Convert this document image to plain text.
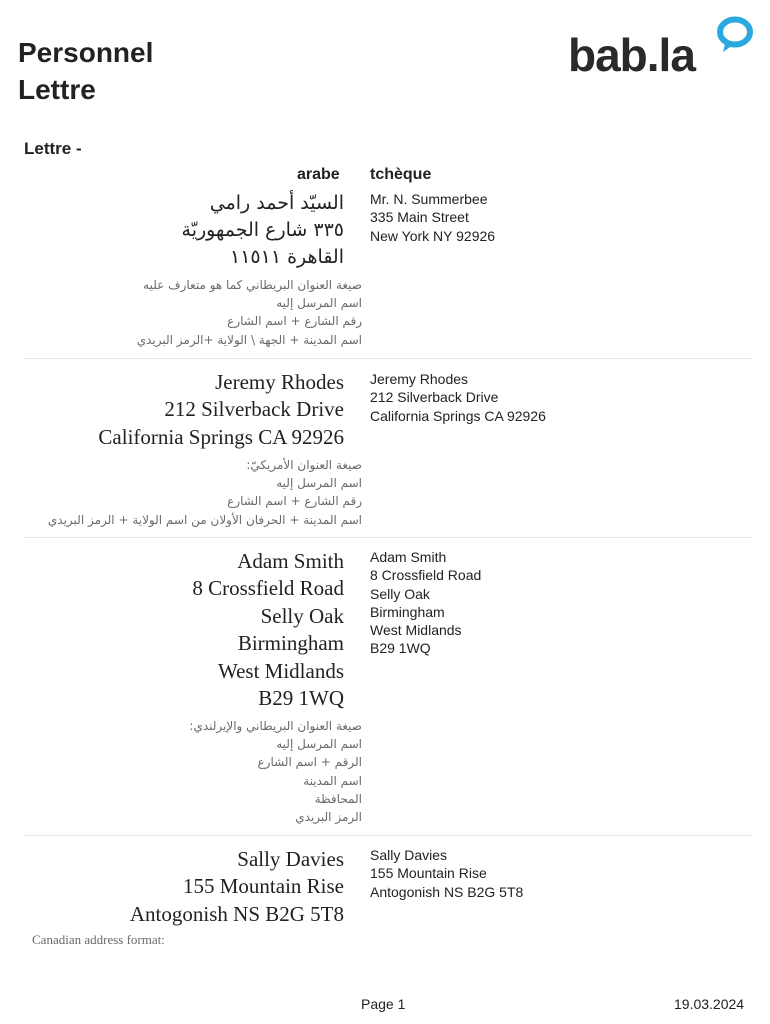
Personnel
Lettre
bab.la
Lettre -
arabe tchèque
السيّد أحمد رامي
٣٣٥ شارع الجمهوريّة
القاهرة ١١٥١١
صيغة العنوان البريطاني كما هو متعارف عليه
اسم المرسل إليه
رقم الشارع + اسم الشارع
اسم المدينة + الجهة \ الولاية +الرمز البريدي
Mr. N. Summerbee
335 Main Street
New York NY 92926
Jeremy Rhodes
212 Silverback Drive
California Springs CA 92926
صيغة العنوان الأمريكيّ:
اسم المرسل إليه
رقم الشارع + اسم الشارع
اسم المدينة + الحرفان الأولان من اسم الولاية + الرمز البريدي
Jeremy Rhodes
212 Silverback Drive
California Springs CA 92926
Adam Smith
8 Crossfield Road
Selly Oak
Birmingham
West Midlands
B29 1WQ
صيغة العنوان البريطاني والإيرلندي:
اسم المرسل إليه
الرقم + اسم الشارع
اسم المدينة
المحافظة
الرمز البريدي
Adam Smith
8 Crossfield Road
Selly Oak
Birmingham
West Midlands
B29 1WQ
Sally Davies
155 Mountain Rise
Antogonish NS B2G 5T8
Canadian address format:
Sally Davies
155 Mountain Rise
Antogonish NS B2G 5T8
Page 1	19.03.2024
